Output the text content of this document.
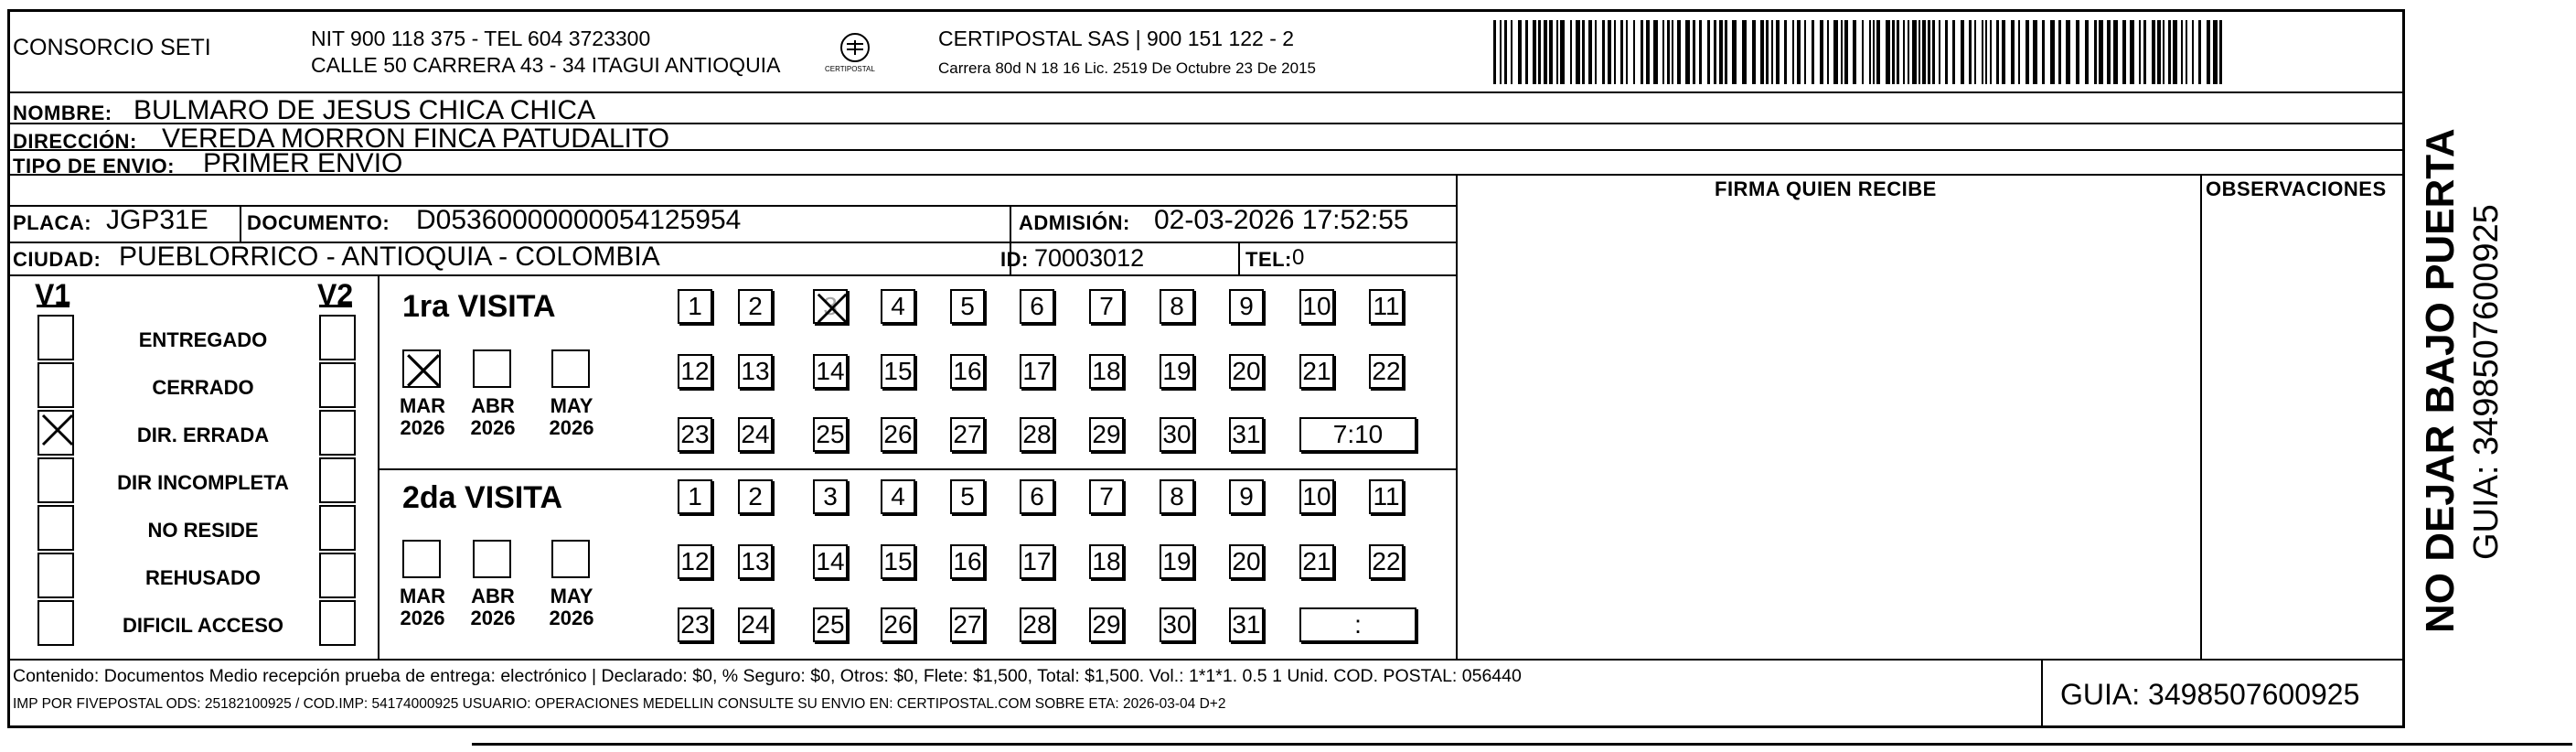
CONSORCIO SETI	NIT 900 118 375 - TEL 604 3723300
CALLE 50 CARRERA 43 - 34 ITAGUI ANTIOQUIA	CERTIPOSTAL
CERTIPOSTAL SAS | 900 151 122 - 2
Carrera 80d N 18 16 Lic. 2519 De Octubre 23 De 2015
NOMBRE: BULMARO DE JESUS CHICA CHICA
DIRECCIÓN: VEREDA MORRON FINCA PATUDALITO
TIPO DE ENVIO: PRIMER ENVIO
FIRMA QUIEN RECIBE	OBSERVACIONES
PLACA: JGP31E DOCUMENTO: D05360000000054125954	ADMISIÓN: 02-03-2026 17:52:55
CIUDAD: PUEBLORRICO - ANTIOQUIA - COLOMBIA	ID: 70003012	TEL: 0
V1	V2
ENTREGADO
CERRADO
DIR. ERRADA
DIR INCOMPLETA
NO RESIDE
REHUSADO
DIFICIL ACCESO
1ra VISITA
2da VISITA
MAR
2026
ABR
2026
MAY
2026
1	2	3	4	5	6	7	8	9	10 11
12 13 14 15 16 17 18 19 20 21 22
23 24 25 26 27 28 29 30 31	7:10
MAR
2026
ABR
2026
MAY
2026
1	2	3	4	5	6	7	8	9	10 11
12 13 14 15 16 17 18 19 20 21 22
23 24 25 26 27 28 29 30 31	:
Contenido: Documentos Medio recepción prueba de entrega: electrónico | Declarado: $0, % Seguro: $0, Otros: $0, Flete: $1,500, Total: $1,500. Vol.: 1*1*1. 0.5 1 Unid. COD. POSTAL: 056440
IMP POR FIVEPOSTAL ODS: 25182100925 / COD.IMP: 54174000925 USUARIO: OPERACIONES MEDELLIN CONSULTE SU ENVIO EN: CERTIPOSTAL.COM SOBRE ETA: 2026-03-04 D+2	GUIA: 3498507600925
NO DEJAR BAJO PUERTA GUIA: 3498507600925
